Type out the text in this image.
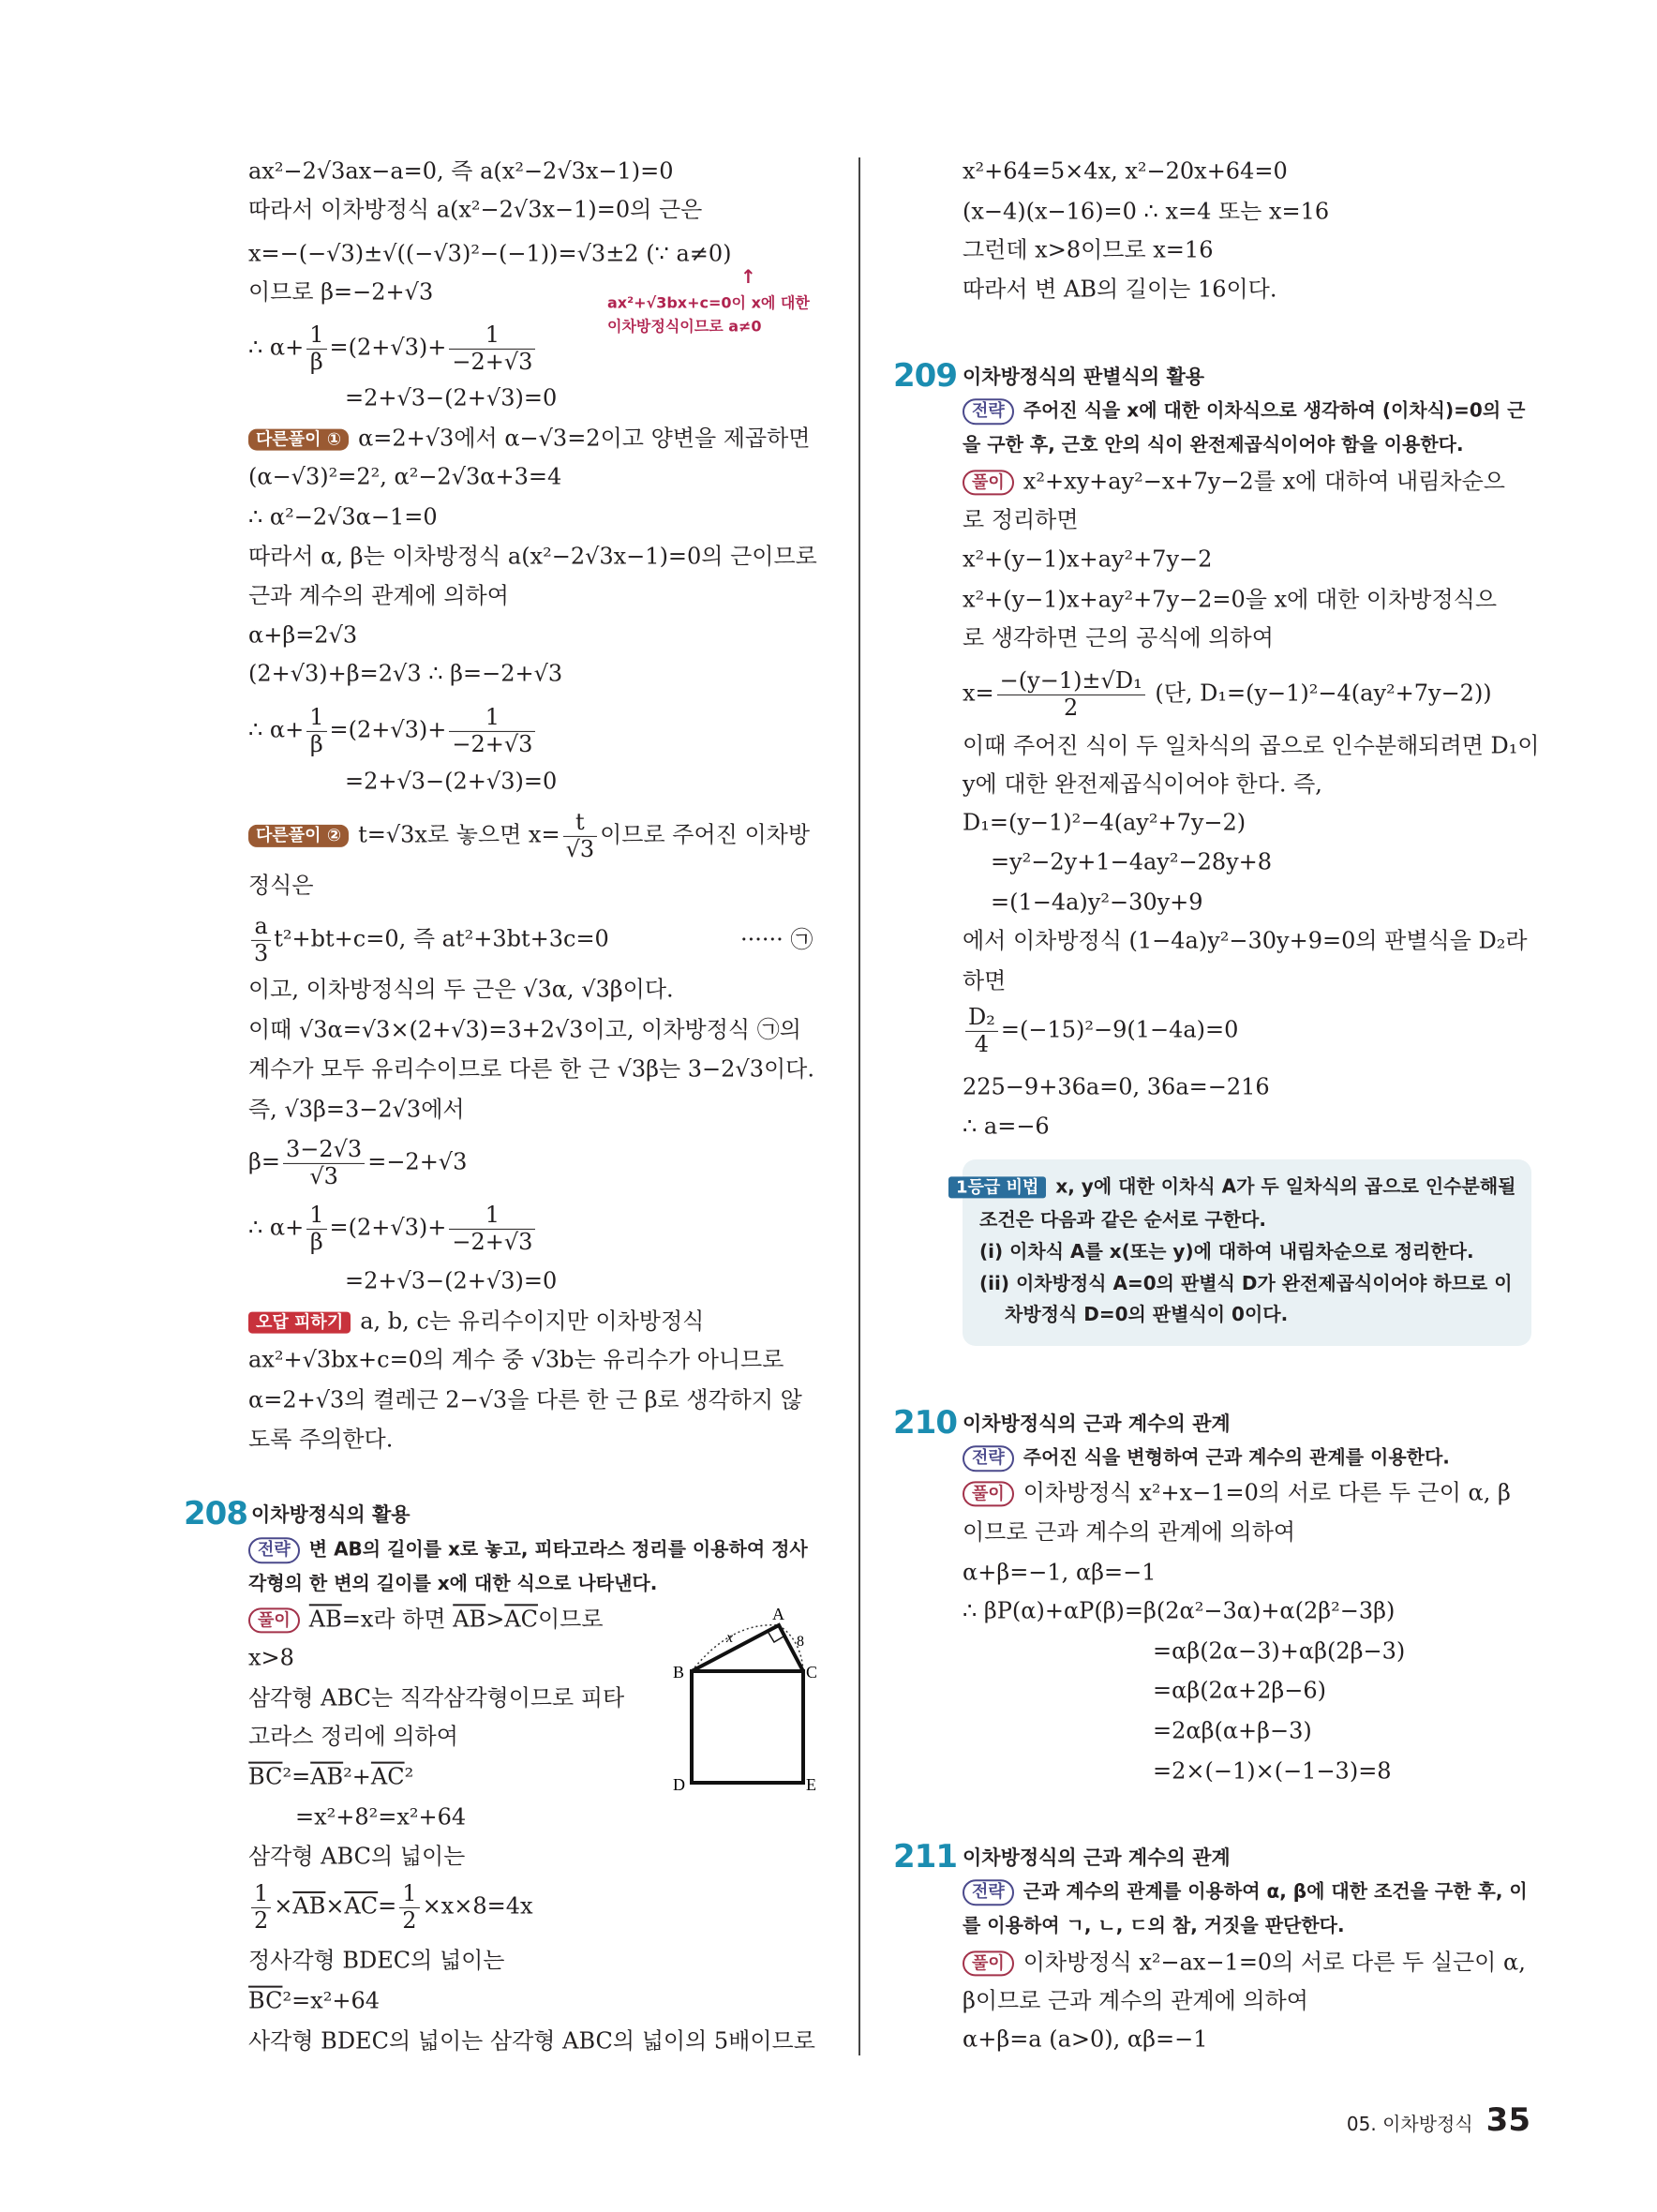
ax²−2√3ax−a=0, 즉 a(x²−2√3x−1)=0
따라서 이차방정식 a(x²−2√3x−1)=0의 근은
x=−(−√3)±√((−√3)²−(−1))=√3±2 (∵ a≠0)
이므로 β=−2+√3
↑
ax²+√3bx+c=0이 x에 대한
이차방정식이므로 a≠0
∴ $\alpha+ \frac{1}{\beta} =(2+√3)+ \frac{1}{-2+√3}$
=2+√3−(2+√3)=0
다른풀이 ① α=2+√3에서 α−√3=2이고 양변을 제곱하면
(α−√3)²=2², α²−2√3α+3=4
∴ α²−2√3α−1=0
따라서 α, β는 이차방정식 a(x²−2√3x−1)=0의 근이므로
근과 계수의 관계에 의하여
α+β=2√3
(2+√3)+β=2√3 ∴ β=−2+√3
∴ $\alpha+ \frac{1}{\beta} =(2+√3)+ \frac{1}{-2+√3}$
=2+√3−(2+√3)=0
다른풀이 ② t=√3x로 놓으면 $x= \frac{t}{√3}$ 이므로 주어진 이차방
정식은
$\frac{a}{3} t^2+bt+c=0$, 즉 at²+3bt+3c=0	······ ㉠
이고, 이차방정식의 두 근은 √3α, √3β이다.
이때 √3α=√3×(2+√3)=3+2√3이고, 이차방정식 ㉠의
계수가 모두 유리수이므로 다른 한 근 √3β는 3−2√3이다.
즉, √3β=3−2√3에서
$\beta= \frac{3-2√3}{√3} =-2+√3$
∴ $\alpha+ \frac{1}{\beta} =(2+√3)+ \frac{1}{-2+√3}$
=2+√3−(2+√3)=0
오답 피하기 a, b, c는 유리수이지만 이차방정식
ax²+√3bx+c=0의 계수 중 √3b는 유리수가 아니므로
α=2+√3의 켤레근 2−√3을 다른 한 근 β로 생각하지 않
도록 주의한다.
208 이차방정식의 활용
전략 변 AB의 길이를 x로 놓고, 피타고라스 정리를 이용하여 정사
각형의 한 변의 길이를 x에 대한 식으로 나타낸다.
풀이 $\overline{AB}=x$라 하면 $\overline{AB}>\overline{AC}$이므로
x>8
삼각형 ABC는 직각삼각형이므로 피타
고라스 정리에 의하여
$\overline{BC}^2=\overline{AB}^2+\overline{AC}^2$
=x²+8²=x²+64
삼각형 ABC의 넓이는
$\frac{1}{2} \times\overline{AB}\times\overline{AC}= \frac{1}{2} \times x\times 8=4x$
정사각형 BDEC의 넓이는
$\overline{BC}^2=x^2+64$
사각형 BDEC의 넓이는 삼각형 ABC의 넓이의 5배이므로
A
B	C
D	E
x	8
x²+64=5×4x, x²−20x+64=0
(x−4)(x−16)=0 ∴ x=4 또는 x=16
그런데 x>8이므로 x=16
따라서 변 AB의 길이는 16이다.
209 이차방정식의 판별식의 활용
전략 주어진 식을 x에 대한 이차식으로 생각하여 (이차식)=0의 근
을 구한 후, 근호 안의 식이 완전제곱식이어야 함을 이용한다.
풀이 x²+xy+ay²−x+7y−2를 x에 대하여 내림차순으
로 정리하면
x²+(y−1)x+ay²+7y−2
x²+(y−1)x+ay²+7y−2=0을 x에 대한 이차방정식으
로 생각하면 근의 공식에 의하여
$x= \frac{\text{−(y−1)±√D₁}}{2}$ (단, D₁=(y−1)²−4(ay²+7y−2))
이때 주어진 식이 두 일차식의 곱으로 인수분해되려면 D₁이
y에 대한 완전제곱식이어야 한다. 즉,
D₁=(y−1)²−4(ay²+7y−2)
=y²−2y+1−4ay²−28y+8
=(1−4a)y²−30y+9
에서 이차방정식 (1−4a)y²−30y+9=0의 판별식을 D₂라
하면
$\frac{\text{D₂}}{4} =(-15)^2-9(1-4a)=0$
225−9+36a=0, 36a=−216
∴ a=−6
1등급 비법 x, y에 대한 이차식 A가 두 일차식의 곱으로 인수분해될
조건은 다음과 같은 순서로 구한다.
(i) 이차식 A를 x(또는 y)에 대하여 내림차순으로 정리한다.
(ii) 이차방정식 A=0의 판별식 D가 완전제곱식이어야 하므로 이
차방정식 D=0의 판별식이 0이다.
210 이차방정식의 근과 계수의 관계
전략 주어진 식을 변형하여 근과 계수의 관계를 이용한다.
풀이 이차방정식 x²+x−1=0의 서로 다른 두 근이 α, β
이므로 근과 계수의 관계에 의하여
α+β=−1, αβ=−1
∴ βP(α)+αP(β)=β(2α²−3α)+α(2β²−3β)
=αβ(2α−3)+αβ(2β−3)
=αβ(2α+2β−6)
=2αβ(α+β−3)
=2×(−1)×(−1−3)=8
211 이차방정식의 근과 계수의 관계
전략 근과 계수의 관계를 이용하여 α, β에 대한 조건을 구한 후, 이
를 이용하여 ㄱ, ㄴ, ㄷ의 참, 거짓을 판단한다.
풀이 이차방정식 x²−ax−1=0의 서로 다른 두 실근이 α,
β이므로 근과 계수의 관계에 의하여
α+β=a (a>0), αβ=−1
05. 이차방정식 35
